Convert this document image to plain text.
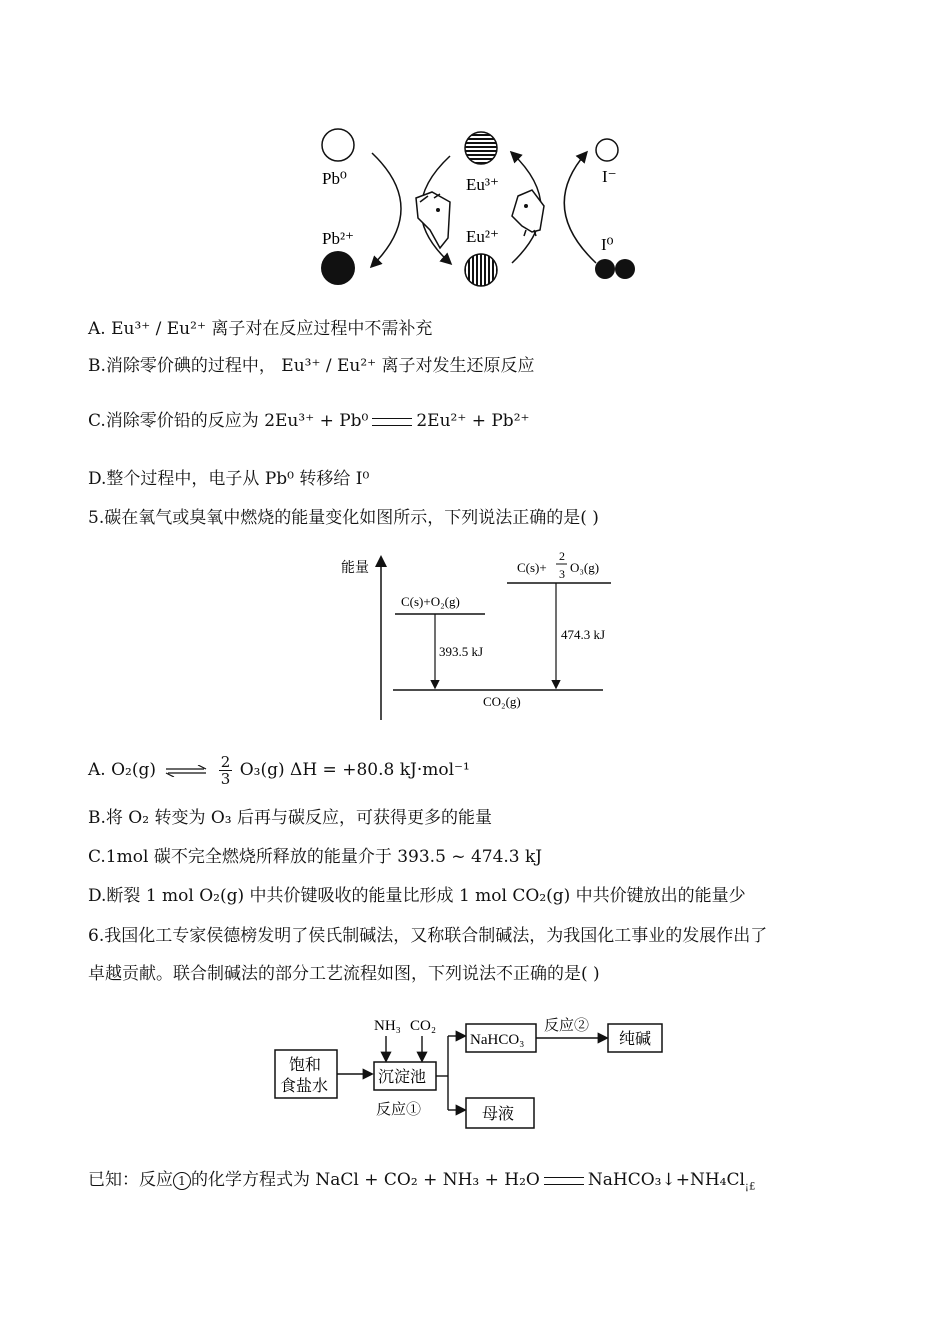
Pb⁰
Pb²⁺
Eu³⁺
Eu²⁺
I⁻
I⁰
A. Eu³⁺ / Eu²⁺ 离子对在反应过程中不需补充
B.消除零价碘的过程中， Eu³⁺ / Eu²⁺ 离子对发生还原反应
C.消除零价铅的反应为 2Eu³⁺ + Pb⁰	2Eu²⁺ + Pb²⁺
D.整个过程中，电子从 Pb⁰ 转移给 I⁰
5.碳在氧气或臭氧中燃烧的能量变化如图所示，下列说法正确的是( )
能量
C(s)+O₂(g)
C(s)+
2
3 O₃(g)
CO₂(g)
393.5 kJ
474.3 kJ
A. O₂(g) ⇌ $\frac{2}{3} O_3(g) \Delta H = +80.8$ kJ·mol⁻¹
B.将 O₂ 转变为 O₃ 后再与碳反应，可获得更多的能量
C.1mol 碳不完全燃烧所释放的能量介于 393.5 ~ 474.3 kJ
D.断裂 1 mol O₂(g) 中共价键吸收的能量比形成 1 mol CO₂(g) 中共价键放出的能量少
6.我国化工专家侯德榜发明了侯氏制碱法，又称联合制碱法，为我国化工事业的发展作出了
卓越贡献。联合制碱法的部分工艺流程如图，下列说法不正确的是( )
饱和
食盐水
NH₃ CO₂
沉淀池
反应①
NaHCO₃
反应②
纯碱
母液
已知：反应 1 的化学方程式为 NaCl + CO₂ + NH₃ + H₂O	$NaHCO_3↓+NH_4Cl_{¡£}$
